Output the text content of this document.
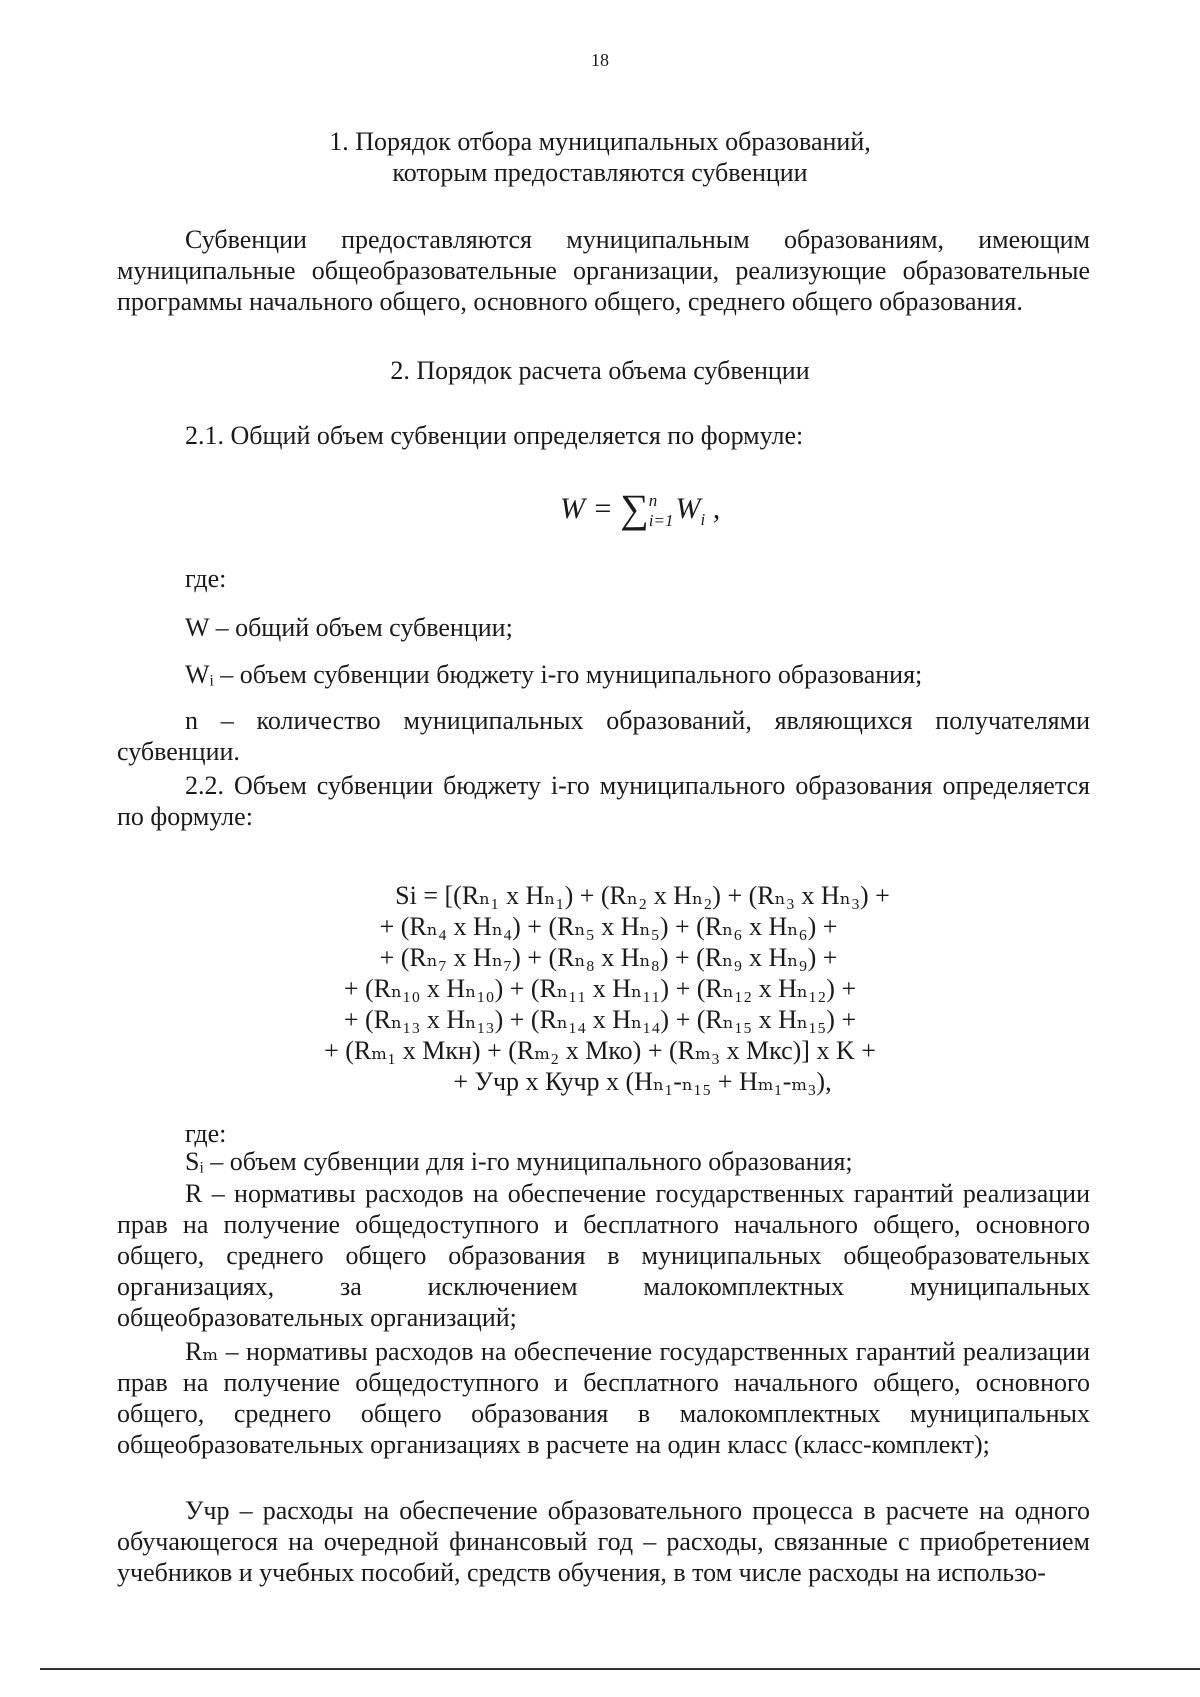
18
1. Порядок отбора муниципальных образований,
которым предоставляются субвенции

Субвенции предоставляются муниципальным образованиям, имеющим муниципальные общеобразовательные организации, реализующие образовательные программы начального общего, основного общего, среднего общего образования.

2. Порядок расчета объема субвенции

2.1. Общий объем субвенции определяется по формуле:

W = ∑ n
i=1 $W_i$ ,

где:

W – общий объем субвенции;

Wᵢ – объем субвенции бюджету i-го муниципального образования;

n – количество муниципальных образований, являющихся получателями субвенции.

2.2. Объем субвенции бюджету i-го муниципального образования определяется по формуле:

Si = [(Rₙ₁ x Hₙ₁) + (Rₙ₂ x Hₙ₂) + (Rₙ₃ x Hₙ₃) +
+ (Rₙ₄ x Hₙ₄) + (Rₙ₅ x Hₙ₅) + (Rₙ₆ x Hₙ₆) +
+ (Rₙ₇ x Hₙ₇) + (Rₙ₈ x Hₙ₈) + (Rₙ₉ x Hₙ₉) +
+ (Rₙ₁₀ x Hₙ₁₀) + (Rₙ₁₁ x Hₙ₁₁) + (Rₙ₁₂ x Hₙ₁₂) +
+ (Rₙ₁₃ x Hₙ₁₃) + (Rₙ₁₄ x Hₙ₁₄) + (Rₙ₁₅ x Hₙ₁₅) +
+ (Rₘ₁ x Mкн) + (Rₘ₂ x Mко) + (Rₘ₃ x Mкс)] x K +
+ Учр x Кучр x (Hₙ₁-ₙ₁₅ + Hₘ₁-ₘ₃),

где:

Sᵢ – объем субвенции для i-го муниципального образования;

R – нормативы расходов на обеспечение государственных гарантий реализации прав на получение общедоступного и бесплатного начального общего, основного общего, среднего общего образования в муниципальных общеобразовательных организациях, за исключением малокомплектных муниципальных общеобразовательных организаций;

Rₘ – нормативы расходов на обеспечение государственных гарантий реализации прав на получение общедоступного и бесплатного начального общего, основного общего, среднего общего образования в малокомплектных муниципальных общеобразовательных организациях в расчете на один класс (класс-комплект);

Учр – расходы на обеспечение образовательного процесса в расчете на одного обучающегося на очередной финансовый год – расходы, связанные с приобретением учебников и учебных пособий, средств обучения, в том числе расходы на использо-
